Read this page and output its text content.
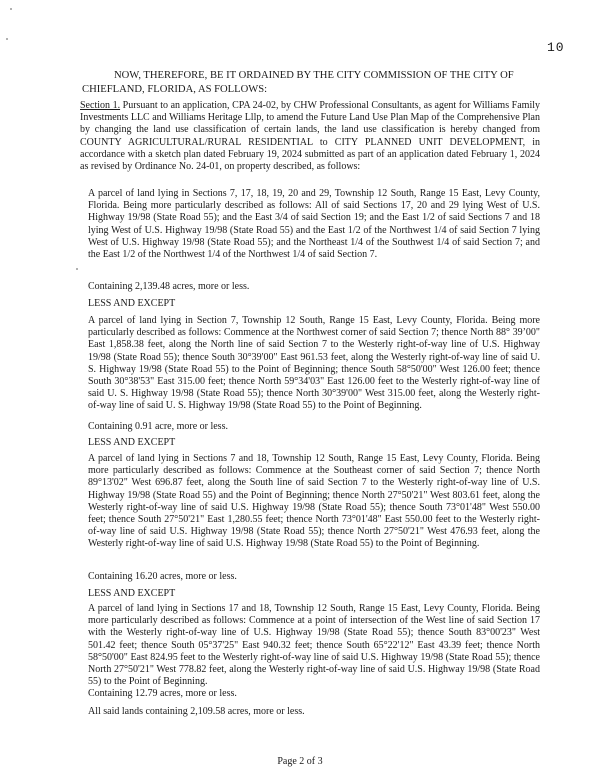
10
NOW, THEREFORE, BE IT ORDAINED BY THE CITY COMMISSION OF THE CITY OF CHIEFLAND, FLORIDA, AS FOLLOWS:
Section 1. Pursuant to an application, CPA 24-02, by CHW Professional Consultants, as agent for Williams Family Investments LLC and Williams Heritage Lllp, to amend the Future Land Use Plan Map of the Comprehensive Plan by changing the land use classification of certain lands, the land use classification is hereby changed from COUNTY AGRICULTURAL/RURAL RESIDENTIAL to CITY PLANNED UNIT DEVELOPMENT, in accordance with a sketch plan dated February 19, 2024 submitted as part of an application dated February 1, 2024 as revised by Ordinance No. 24-01, on property described, as follows:
A parcel of land lying in Sections 7, 17, 18, 19, 20 and 29, Township 12 South, Range 15 East, Levy County, Florida. Being more particularly described as follows: All of said Sections 17, 20 and 29 lying West of U.S. Highway 19/98 (State Road 55); and the East 3/4 of said Section 19; and the East 1/2 of said Sections 7 and 18 lying West of U.S. Highway 19/98 (State Road 55) and the East 1/2 of the Northwest 1/4 of said Section 7 lying West of U.S. Highway 19/98 (State Road 55); and the Northeast 1/4 of the Southwest 1/4 of said Section 7; and the East 1/2 of the Northwest 1/4 of the Northwest 1/4 of said Section 7.
Containing 2,139.48 acres, more or less.
LESS AND EXCEPT
A parcel of land lying in Section 7, Township 12 South, Range 15 East, Levy County, Florida. Being more particularly described as follows: Commence at the Northwest corner of said Section 7; thence North 88° 39’00" East 1,858.38 feet, along the North line of said Section 7 to the Westerly right-of-way line of U.S. Highway 19/98 (State Road 55); thence South 30°39'00" East 961.53 feet, along the Westerly right-of-way line of said U. S. Highway 19/98 (State Road 55) to the Point of Beginning; thence South 58°50'00" West 126.00 feet; thence South 30°38'53" East 315.00 feet; thence North 59°34'03" East 126.00 feet to the Westerly right-of-way line of said U. S. Highway 19/98 (State Road 55); thence North 30°39'00" West 315.00 feet, along the Westerly right-of-way line of said U. S. Highway 19/98 (State Road 55) to the Point of Beginning.
Containing 0.91 acre, more or less.
LESS AND EXCEPT
A parcel of land lying in Sections 7 and 18, Township 12 South, Range 15 East, Levy County, Florida. Being more particularly described as follows: Commence at the Southeast corner of said Section 7; thence North 89°13'02" West 696.87 feet, along the South line of said Section 7 to the Westerly right-of-way line of U.S. Highway 19/98 (State Road 55) and the Point of Beginning; thence North 27°50'21" West 803.61 feet, along the Westerly right-of-way line of said U.S. Highway 19/98 (State Road 55); thence South 73°01'48" West 550.00 feet; thence South 27°50'21" East 1,280.55 feet; thence North 73°01'48" East 550.00 feet to the Westerly right-of-way line of said U.S. Highway 19/98 (State Road 55); thence North 27°50'21" West 476.93 feet, along the Westerly right-of-way line of said U.S. Highway 19/98 (State Road 55) to the Point of Beginning.
Containing 16.20 acres, more or less.
LESS AND EXCEPT
A parcel of land lying in Sections 17 and 18, Township 12 South, Range 15 East, Levy County, Florida. Being more particularly described as follows: Commence at a point of intersection of the West line of said Section 17 with the Westerly right-of-way line of U.S. Highway 19/98 (State Road 55); thence South 83°00'23" West 501.42 feet; thence South 05°37'25" East 940.32 feet; thence South 65°22'12" East 43.39 feet; thence North 58°50'00" East 824.95 feet to the Westerly right-of-way line of said U.S. Highway 19/98 (State Road 55); thence North 27°50'21" West 778.82 feet, along the Westerly right-of-way line of said U.S. Highway 19/98 (State Road 55) to the Point of Beginning.
Containing 12.79 acres, more or less.
All said lands containing 2,109.58 acres, more or less.
Page 2 of 3
